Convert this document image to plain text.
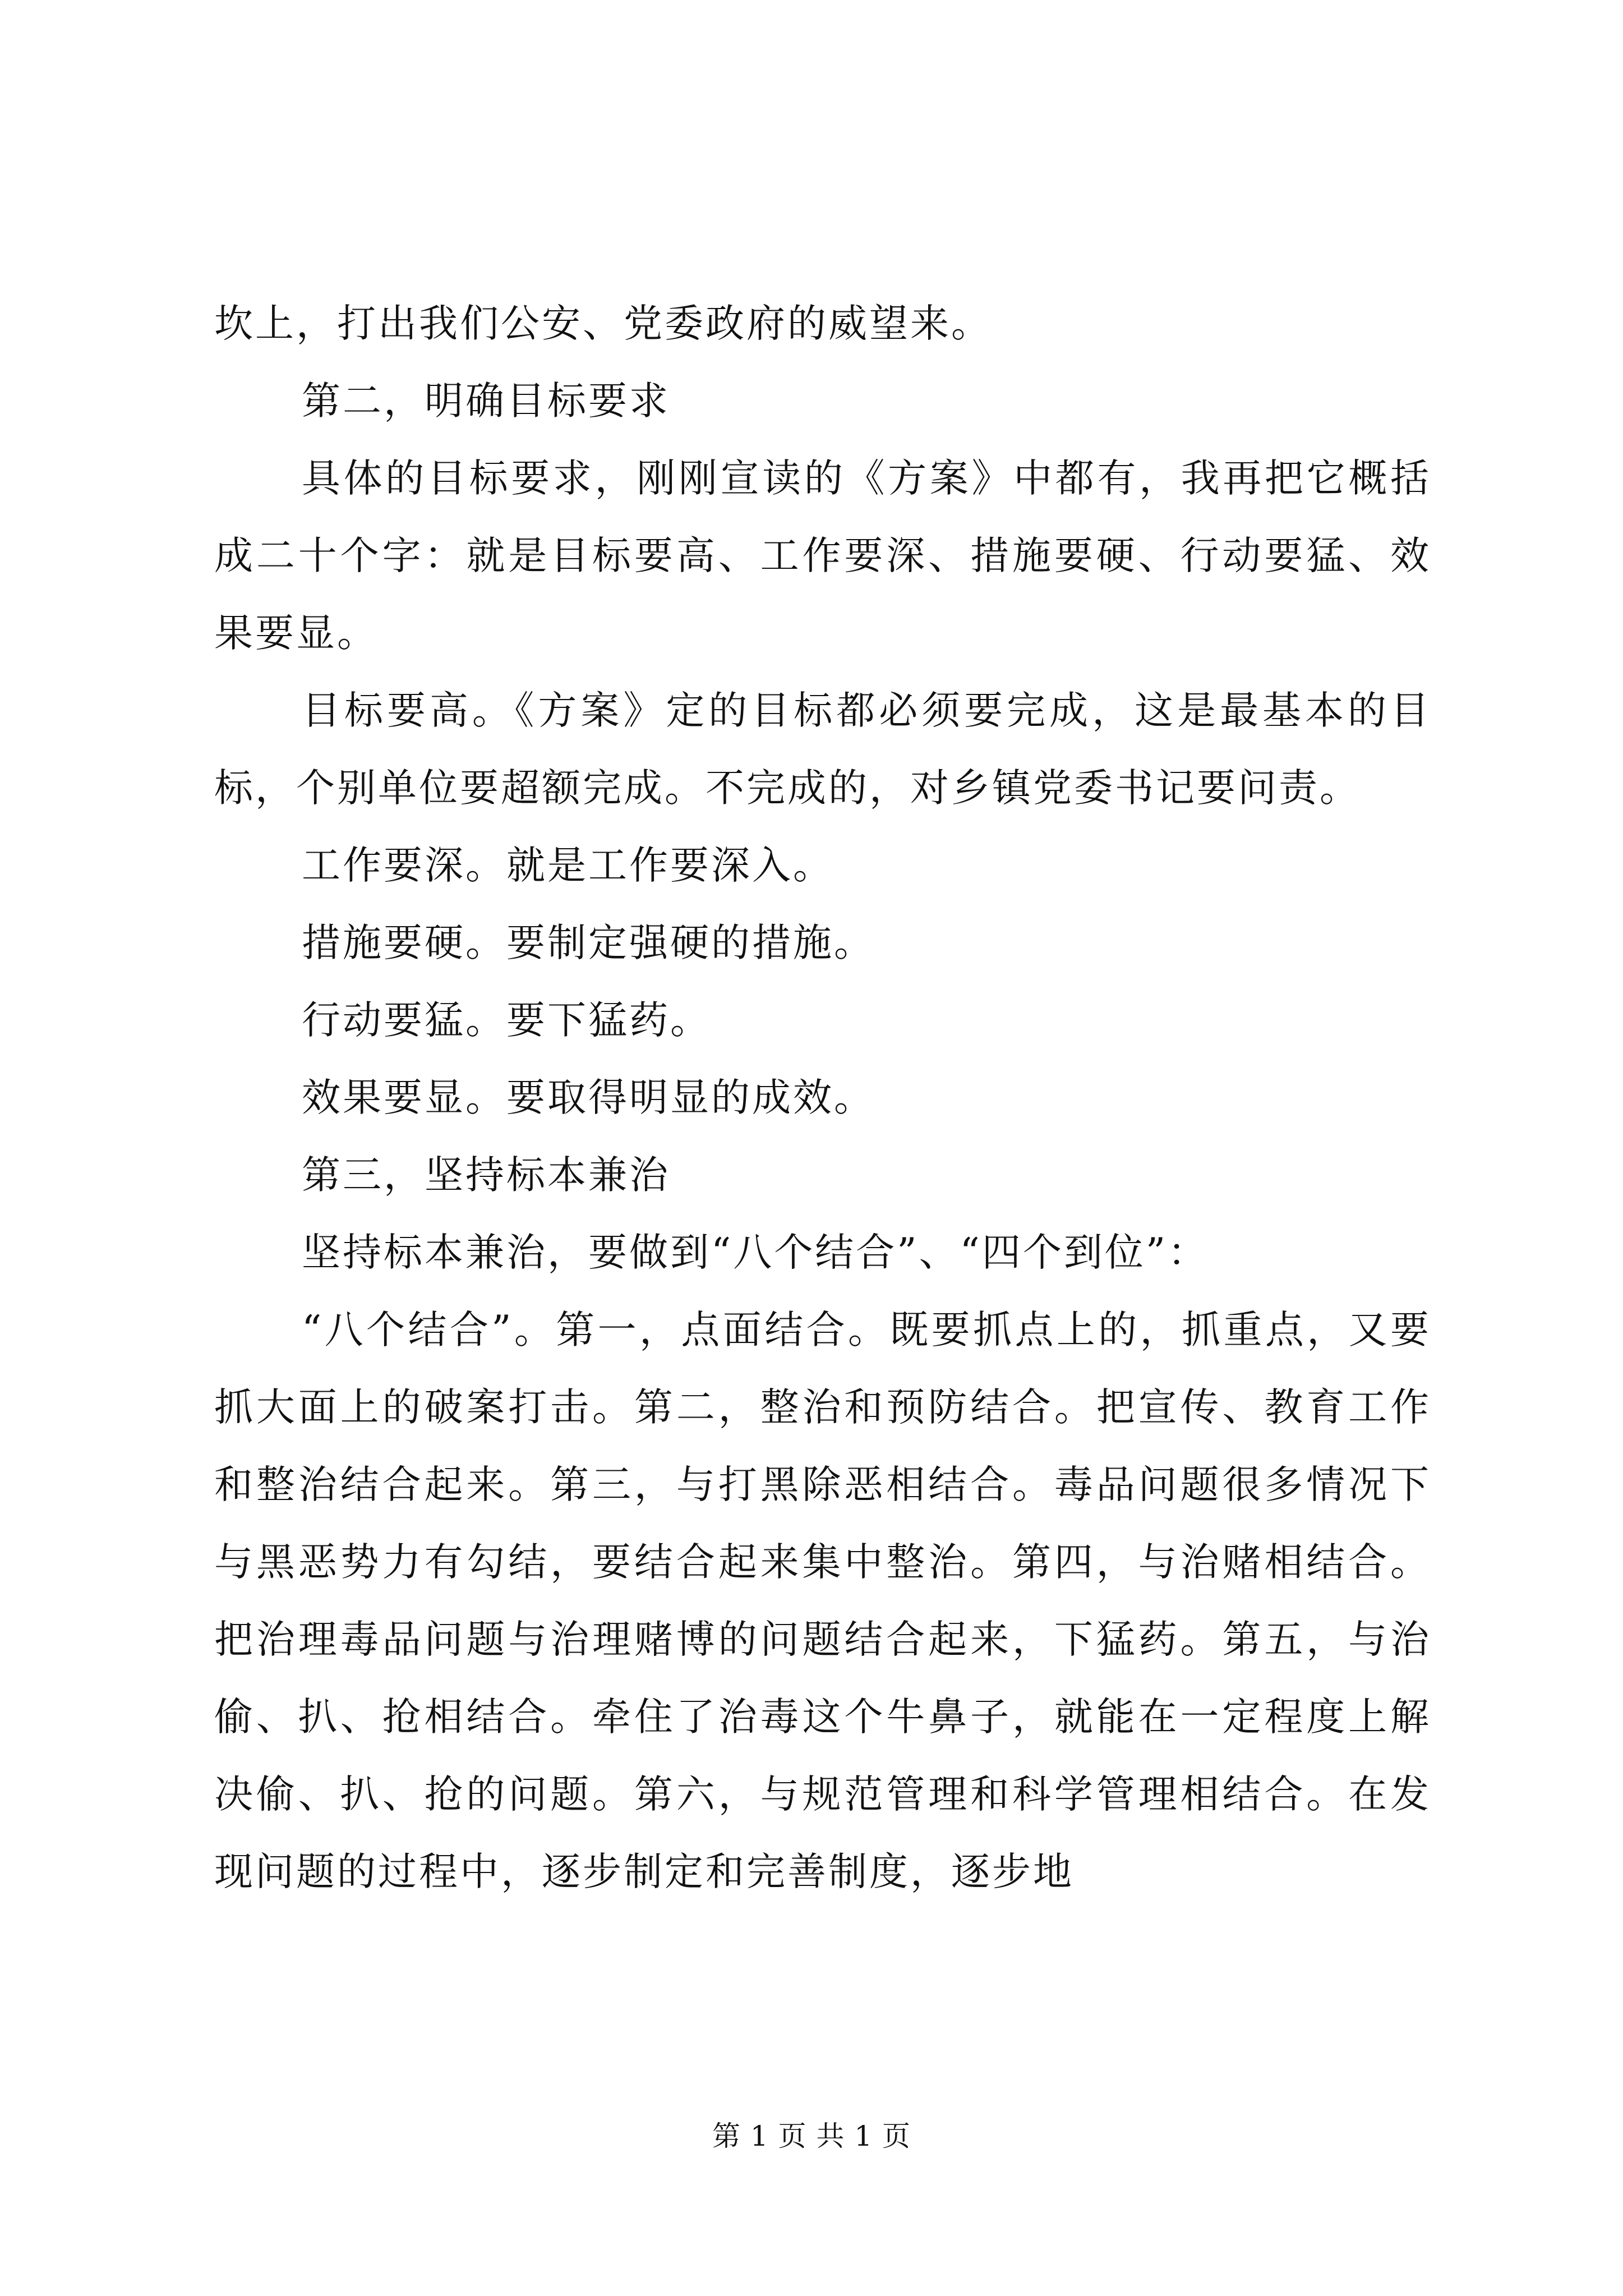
坎上，打出我们公安、党委政府的威望来。

第二，明确目标要求

具体的目标要求，刚刚宣读的《方案》中都有，我再把它概括成二十个字：就是目标要高、工作要深、措施要硬、行动要猛、效果要显。

目标要高。《方案》定的目标都必须要完成，这是最基本的目标，个别单位要超额完成。不完成的，对乡镇党委书记要问责。

工作要深。就是工作要深入。

措施要硬。要制定强硬的措施。

行动要猛。要下猛药。

效果要显。要取得明显的成效。

第三，坚持标本兼治

坚持标本兼治，要做到“八个结合”、“四个到位”：

“八个结合”。第一，点面结合。既要抓点上的，抓重点，又要抓大面上的破案打击。第二，整治和预防结合。把宣传、教育工作和整治结合起来。第三，与打黑除恶相结合。毒品问题很多情况下与黑恶势力有勾结，要结合起来集中整治。第四，与治赌相结合。把治理毒品问题与治理赌博的问题结合起来，下猛药。第五，与治偷、扒、抢相结合。牵住了治毒这个牛鼻子，就能在一定程度上解决偷、扒、抢的问题。第六，与规范管理和科学管理相结合。在发现问题的过程中，逐步制定和完善制度，逐步地

第 1 页 共 1 页
